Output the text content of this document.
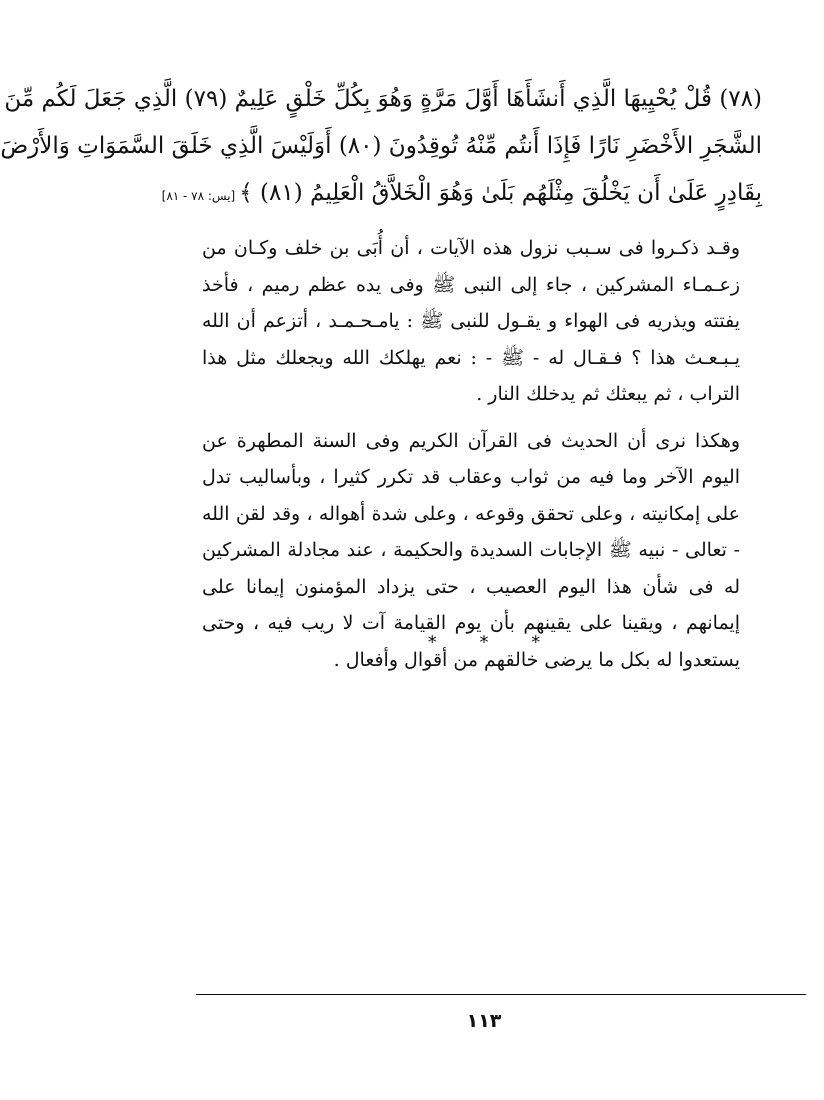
(٧٨) قُلْ يُحْيِيهَا الَّذِي أَنشَأَهَا أَوَّلَ مَرَّةٍ وَهُوَ بِكُلِّ خَلْقٍ عَلِيمٌ (٧٩) الَّذِي جَعَلَ لَكُم مِّنَ
الشَّجَرِ الأَخْضَرِ نَارًا فَإِذَا أَنتُم مِّنْهُ تُوقِدُونَ (٨٠) أَوَلَيْسَ الَّذِي خَلَقَ السَّمَوَاتِ وَالأَرْضَ
بِقَادِرٍ عَلَىٰ أَن يَخْلُقَ مِثْلَهُم بَلَىٰ وَهُوَ الْخَلاَّقُ الْعَلِيمُ (٨١) ﴾[يس: ٧٨ - ٨١]

وقـد ذكـروا فى سـبب نزول هذه الآيات ، أن أُبَى بن خلف وكـان من زعـمـاء المشركين ، جاء إلى النبى ﷺ وفى يده عظم رميم ، فأخذ يفتته ويذريه فى الهواء و يقـول للنبى ﷺ : يامـحـمـد ، أتزعم أن الله يـبـعـث هذا ؟ فـقـال له - ﷺ - : نعم يهلكك الله ويجعلك مثل هذا التراب ، ثم يبعثك ثم يدخلك النار .

وهكذا نرى أن الحديث فى القرآن الكريم وفى السنة المطهرة عن اليوم الآخر وما فيه من ثواب وعقاب قد تكرر كثيرا ، وبأساليب تدل على إمكانيته ، وعلى تحقق وقوعه ، وعلى شدة أهواله ، وقد لقن الله - تعالى - نبيه ﷺ الإجابات السديدة والحكيمة ، عند مجادلة المشركين له فى شأن هذا اليوم العصيب ، حتى يزداد المؤمنون إيمانا على إيمانهم ، ويقينا على يقينهم بأن يوم القيامة آت لا ريب فيه ، وحتى يستعدوا له بكل ما يرضى خالقهم من أقوال وأفعال .

* * *
١١٣
